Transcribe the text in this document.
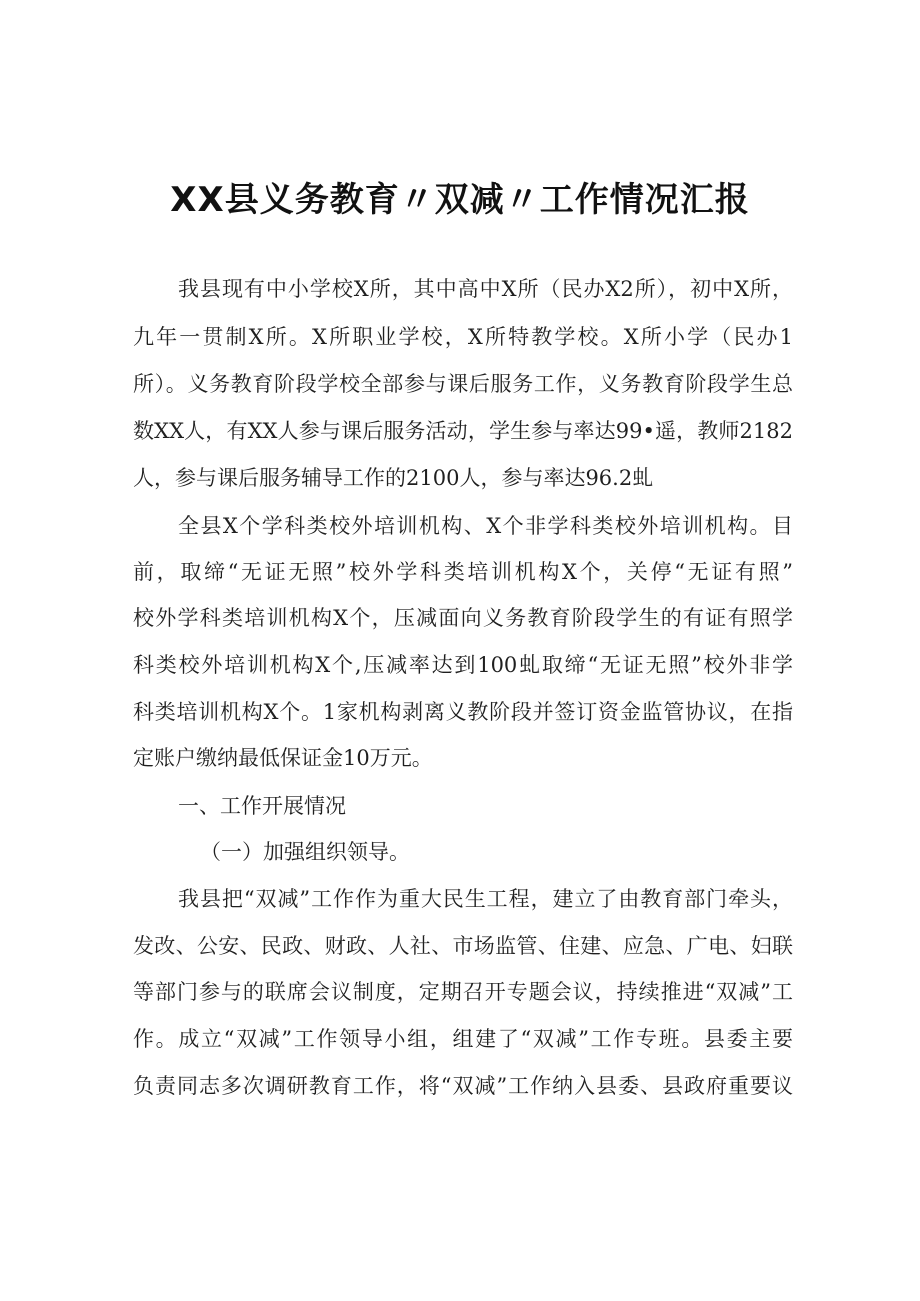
XX县义务教育〃双减〃工作情况汇报
我县现有中小学校X所，其中高中X所（民办X2所），初中X所，
九年一贯制X所。X所职业学校，X所特教学校。X所小学（民办1
所）。义务教育阶段学校全部参与课后服务工作，义务教育阶段学生总
数XX人，有XX人参与课后服务活动，学生参与率达99•遥，教师2182
人，参与课后服务辅导工作的2100人，参与率达96.2虬
全县X个学科类校外培训机构、X个非学科类校外培训机构。目
前，取缔“无证无照”校外学科类培训机构X个，关停“无证有照”
校外学科类培训机构X个，压减面向义务教育阶段学生的有证有照学
科类校外培训机构X个,压减率达到100虬取缔“无证无照”校外非学
科类培训机构X个。1家机构剥离义教阶段并签订资金监管协议，在指
定账户缴纳最低保证金10万元。
一、工作开展情况
（一）加强组织领导。
我县把“双减”工作作为重大民生工程，建立了由教育部门牵头，
发改、公安、民政、财政、人社、市场监管、住建、应急、广电、妇联
等部门参与的联席会议制度，定期召开专题会议，持续推进“双减”工
作。成立“双减”工作领导小组，组建了“双减”工作专班。县委主要
负责同志多次调研教育工作，将“双减”工作纳入县委、县政府重要议
